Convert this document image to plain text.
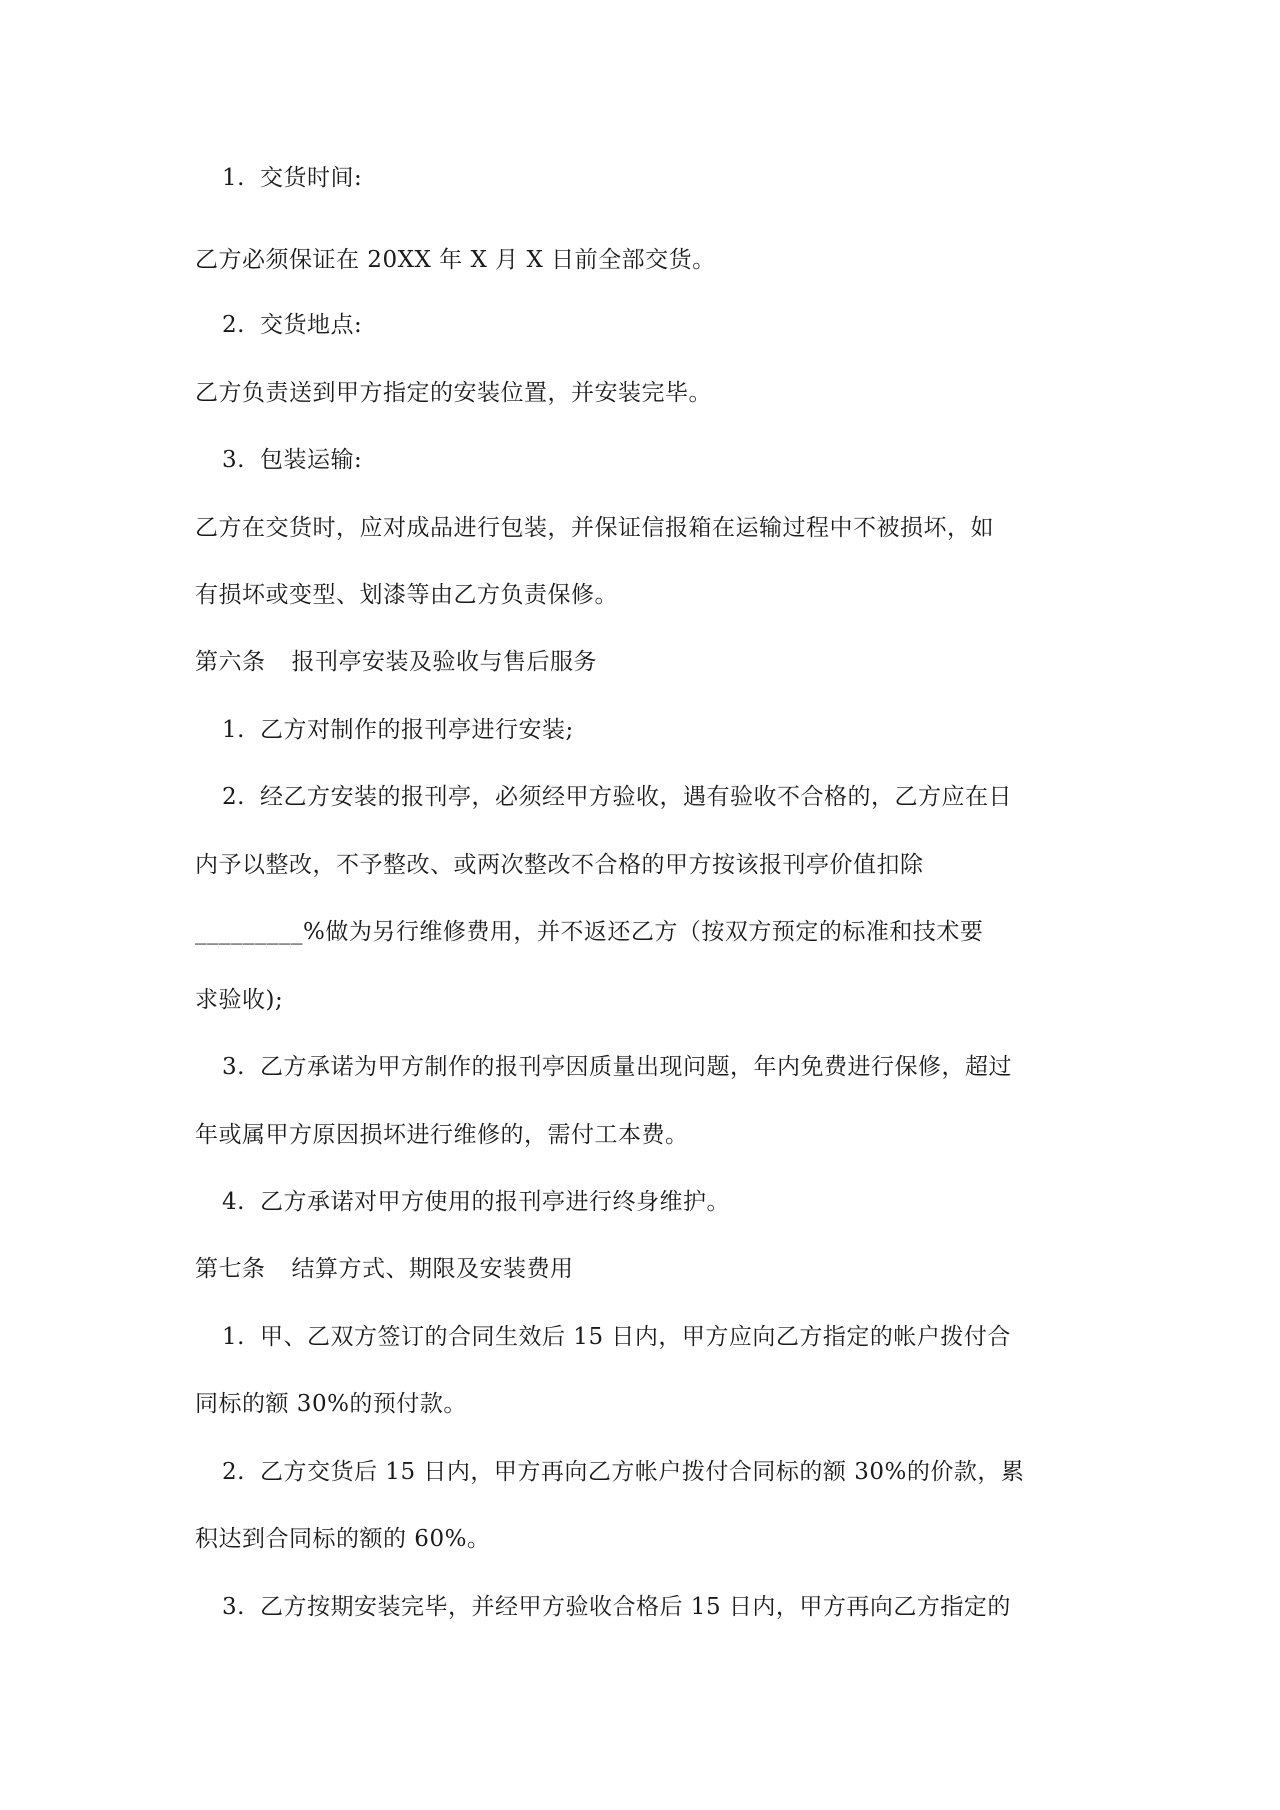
1. 交货时间:
乙方必须保证在 20XX 年 X 月 X 日前全部交货。
2. 交货地点:
乙方负责送到甲方指定的安装位置，并安装完毕。
3. 包装运输:
乙方在交货时，应对成品进行包装，并保证信报箱在运输过程中不被损坏，如
有损坏或变型、划漆等由乙方负责保修。
第六条 报刊亭安装及验收与售后服务
1. 乙方对制作的报刊亭进行安装;
2. 经乙方安装的报刊亭，必须经甲方验收，遇有验收不合格的，乙方应在日
内予以整改，不予整改、或两次整改不合格的甲方按该报刊亭价值扣除
_________%做为另行维修费用，并不返还乙方（按双方预定的标准和技术要
求验收);
3. 乙方承诺为甲方制作的报刊亭因质量出现问题，年内免费进行保修，超过
年或属甲方原因损坏进行维修的，需付工本费。
4. 乙方承诺对甲方使用的报刊亭进行终身维护。
第七条 结算方式、期限及安装费用
1. 甲、乙双方签订的合同生效后 15 日内，甲方应向乙方指定的帐户拨付合
同标的额 30%的预付款。
2. 乙方交货后 15 日内，甲方再向乙方帐户拨付合同标的额 30%的价款，累
积达到合同标的额的 60%。
3. 乙方按期安装完毕，并经甲方验收合格后 15 日内，甲方再向乙方指定的
